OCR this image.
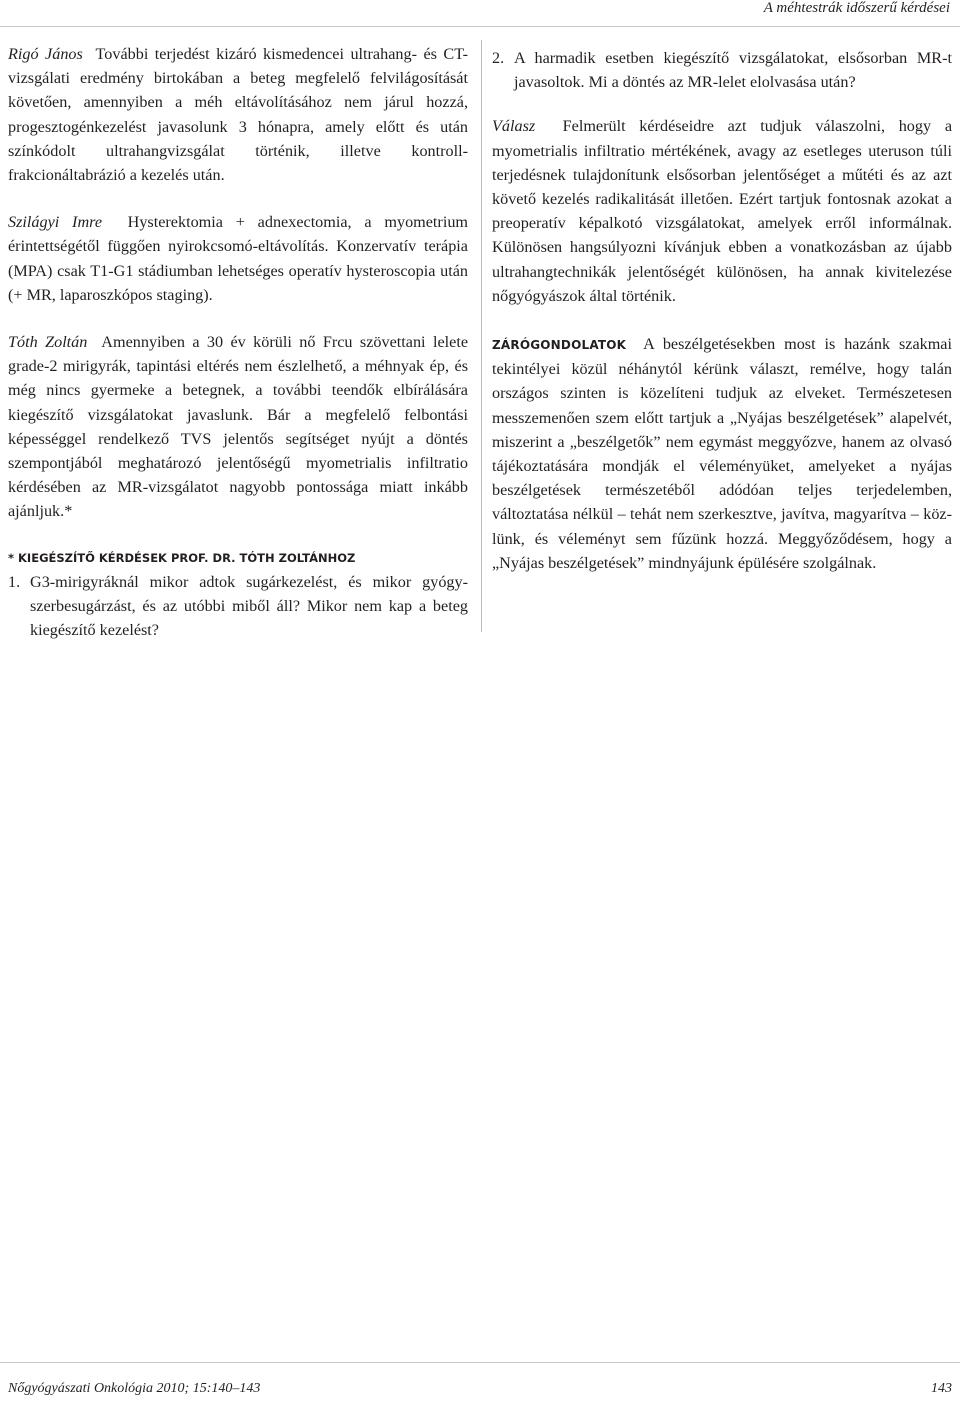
A méhtestrák időszerű kérdései

Rigó János További terjedést kizáró kismedencei ultrahang- és CT-vizsgálati eredmény birtokában a beteg megfelelő felvilágosítását követően, amennyiben a méh eltávolításához nem járul hozzá, progesztogénkezelést javasolunk 3 hónapra, amely előtt és után színkódolt ultrahangvizsgálat történik, illetve kontroll-frakcionáltabrázió a kezelés után.

Szilágyi Imre Hysterektomia + adnexectomia, a myometrium érintettségétől függően nyirokcsomó-eltávolítás. Konzervatív terápia (MPA) csak T1-G1 stádiumban lehetséges operatív hysteroscopia után (+ MR, laparoszkópos staging).

Tóth Zoltán Amennyiben a 30 év körüli nő Frcu szövettani lelete grade-2 mirigyrák, tapintási eltérés nem észlelhető, a méhnyak ép, és még nincs gyermeke a betegnek, a további teendők elbírálására kiegészítő vizsgálatokat javaslunk. Bár a megfelelő felbontási képességgel rendelkező TVS jelentős segítséget nyújt a döntés szempontjából meghatározó jelentőségű myometrialis infiltratio kérdésében az MR-vizsgálatot nagyobb pontossága miatt inkább ajánljuk.*

* KIEGÉSZÍTŐ KÉRDÉSEK PROF. DR. TÓTH ZOLTÁNHOZ

1. G3-mirigyráknál mikor adtok sugárkezelést, és mikor gyógyszerbesugárzást, és az utóbbi miből áll? Mikor nem kap a beteg kiegészítő kezelést?
2. A harmadik esetben kiegészítő vizsgálatokat, elsősorban MR-t javasoltok. Mi a döntés az MR-lelet elolvasása után?

Válasz Felmerült kérdéseidre azt tudjuk válaszolni, hogy a myometrialis infiltratio mértékének, avagy az esetleges uteruson túli terjedésnek tulajdonítunk elsősorban jelentőséget a műtéti és az azt követő kezelés radikalitását illetően. Ezért tartjuk fontosnak azokat a preoperatív képalkotó vizsgálatokat, amelyek erről informálnak. Különösen hangsúlyozni kívánjuk ebben a vonatkozásban az újabb ultrahangtechnikák jelentőségét különösen, ha annak kivitelezése nőgyógyászok által történik.

ZÁRÓGONDOLATOK A beszélgetésekben most is hazánk szakmai tekintélyei közül néhánytól kérünk választ, remélve, hogy talán országos szinten is közelíteni tudjuk az elveket. Természetesen messzemenően szem előtt tartjuk a „Nyájas beszélgetések” alapelvét, miszerint a „beszélgetők” nem egymást meggyőzve, hanem az olvasó tájékoztatására mondják el véleményüket, amelyeket a nyájas beszélgetések természetéből adódóan teljes terjedelemben, változtatása nélkül – tehát nem szerkesztve, javítva, magyarítva – közlünk, és véleményt sem fűzünk hozzá. Meggyőződésem, hogy a „Nyájas beszélgetések” mindnyájunk épülésére szolgálnak.

Nőgyógyászati Onkológia 2010; 15:140–143	143
